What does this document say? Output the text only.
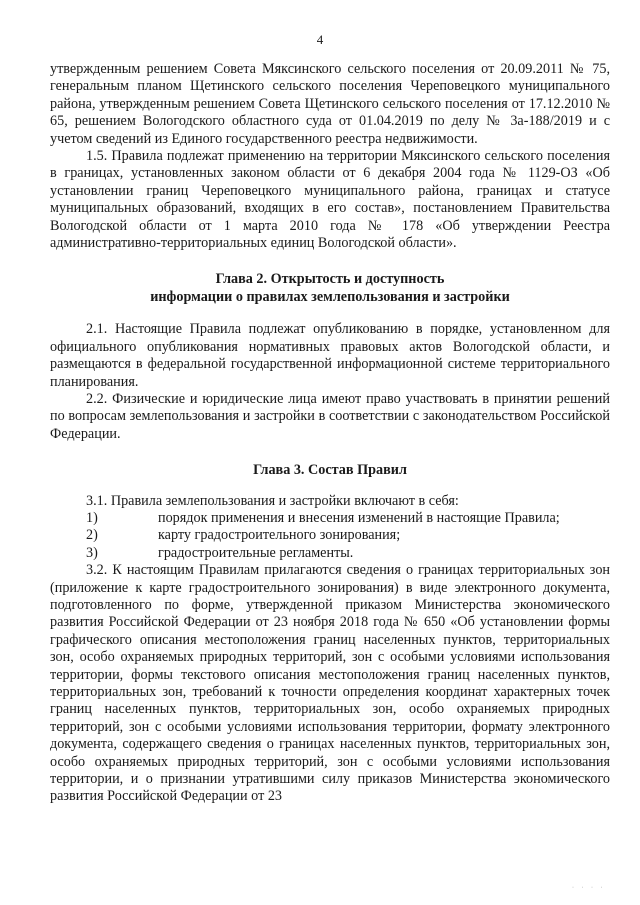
4

утвержденным решением Совета Мяксинского сельского поселения от 20.09.2011 № 75, генеральным планом Щетинского сельского поселения Череповецкого муниципального района, утвержденным решением Совета Щетинского сельского поселения от 17.12.2010 № 65, решением Вологодского областного суда от 01.04.2019 по делу № 3а-188/2019 и с учетом сведений из Единого государственного реестра недвижимости.

1.5. Правила подлежат применению на территории Мяксинского сельского поселения в границах, установленных законом области от 6 декабря 2004 года № 1129-ОЗ «Об установлении границ Череповецкого муниципального района, границах и статусе муниципальных образований, входящих в его состав», постановлением Правительства Вологодской области от 1 марта 2010 года № 178 «Об утверждении Реестра административно-территориальных единиц Вологодской области».

Глава 2. Открытость и доступность
информации о правилах землепользования и застройки

2.1. Настоящие Правила подлежат опубликованию в порядке, установленном для официального опубликования нормативных правовых актов Вологодской области, и размещаются в федеральной государственной информационной системе территориального планирования.

2.2. Физические и юридические лица имеют право участвовать в принятии решений по вопросам землепользования и застройки в соответствии с законодательством Российской Федерации.

Глава 3. Состав Правил

3.1. Правила землепользования и застройки включают в себя:

1)	порядок применения и внесения изменений в настоящие Правила;
2)	карту градостроительного зонирования;
3)	градостроительные регламенты.

3.2. К настоящим Правилам прилагаются сведения о границах территориальных зон (приложение к карте градостроительного зонирования) в виде электронного документа, подготовленного по форме, утвержденной приказом Министерства экономического развития Российской Федерации от 23 ноября 2018 года № 650 «Об установлении формы графического описания местоположения границ населенных пунктов, территориальных зон, особо охраняемых природных территорий, зон с особыми условиями использования территории, формы текстового описания местоположения границ населенных пунктов, территориальных зон, требований к точности определения координат характерных точек границ населенных пунктов, территориальных зон, особо охраняемых природных территорий, зон с особыми условиями использования территории, формату электронного документа, содержащего сведения о границах населенных пунктов, территориальных зон, особо охраняемых природных территорий, зон с особыми условиями использования территории, и о признании утратившими силу приказов Министерства экономического развития Российской Федерации от 23

· · · ·
